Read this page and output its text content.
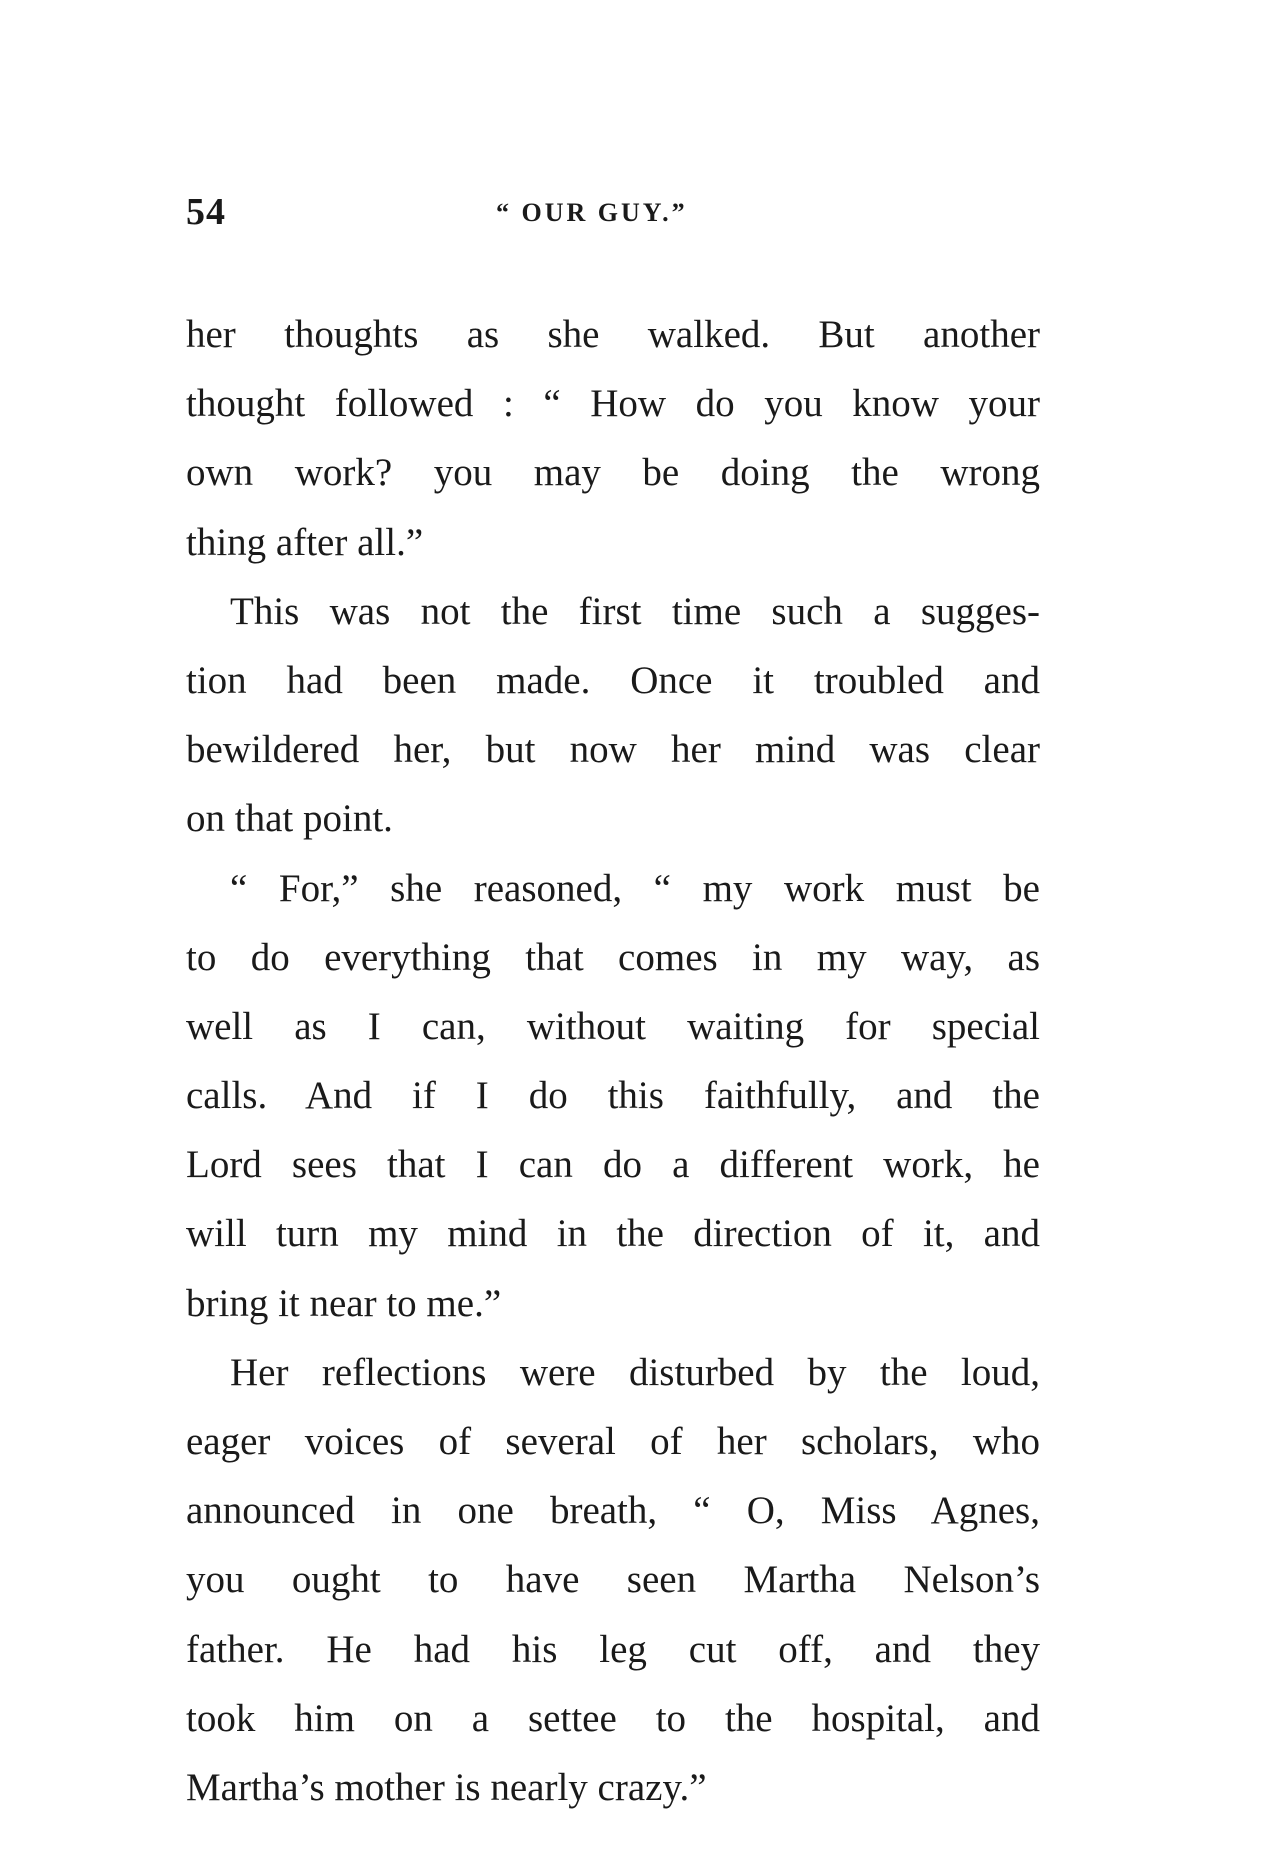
54	“ OUR GUY.”
her thoughts as she walked. But another
thought followed : “ How do you know your
own work? you may be doing the wrong
thing after all.”
This was not the first time such a sugges-
tion had been made. Once it troubled and
bewildered her, but now her mind was clear
on that point.
“ For,” she reasoned, “ my work must be
to do everything that comes in my way, as
well as I can, without waiting for special
calls. And if I do this faithfully, and the
Lord sees that I can do a different work, he
will turn my mind in the direction of it, and
bring it near to me.”
Her reflections were disturbed by the loud,
eager voices of several of her scholars, who
announced in one breath, “ O, Miss Agnes,
you ought to have seen Martha Nelson’s
father. He had his leg cut off, and they
took him on a settee to the hospital, and
Martha’s mother is nearly crazy.”
